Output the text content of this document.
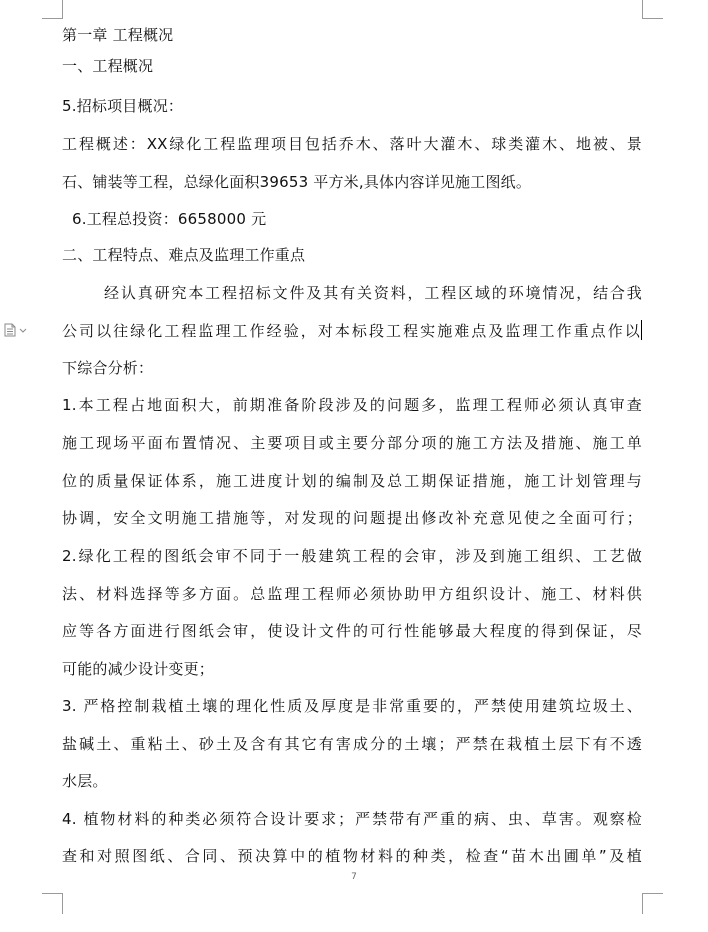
第一章 工程概况
一、工程概况
5.招标项目概况：
工程概述：XX绿化工程监理项目包括乔木、落叶大灌木、球类灌木、地被、景
石、铺装等工程，总绿化面积39653 平方米,具体内容详见施工图纸。
6.工程总投资：6658000 元
二、工程特点、难点及监理工作重点
经认真研究本工程招标文件及其有关资料，工程区域的环境情况，结合我
公司以往绿化工程监理工作经验，对本标段工程实施难点及监理工作重点作以
下综合分析：
1.本工程占地面积大，前期准备阶段涉及的问题多，监理工程师必须认真审查
施工现场平面布置情况、主要项目或主要分部分项的施工方法及措施、施工单
位的质量保证体系，施工进度计划的编制及总工期保证措施，施工计划管理与
协调，安全文明施工措施等，对发现的问题提出修改补充意见使之全面可行；
2.绿化工程的图纸会审不同于一般建筑工程的会审，涉及到施工组织、工艺做
法、材料选择等多方面。总监理工程师必须协助甲方组织设计、施工、材料供
应等各方面进行图纸会审，使设计文件的可行性能够最大程度的得到保证，尽
可能的减少设计变更；
3. 严格控制栽植土壤的理化性质及厚度是非常重要的，严禁使用建筑垃圾土、
盐碱土、重粘土、砂土及含有其它有害成分的土壤；严禁在栽植土层下有不透
水层。
4. 植物材料的种类必须符合设计要求；严禁带有严重的病、虫、草害。观察检
查和对照图纸、合同、预决算中的植物材料的种类，检查“苗木出圃单”及植
7
